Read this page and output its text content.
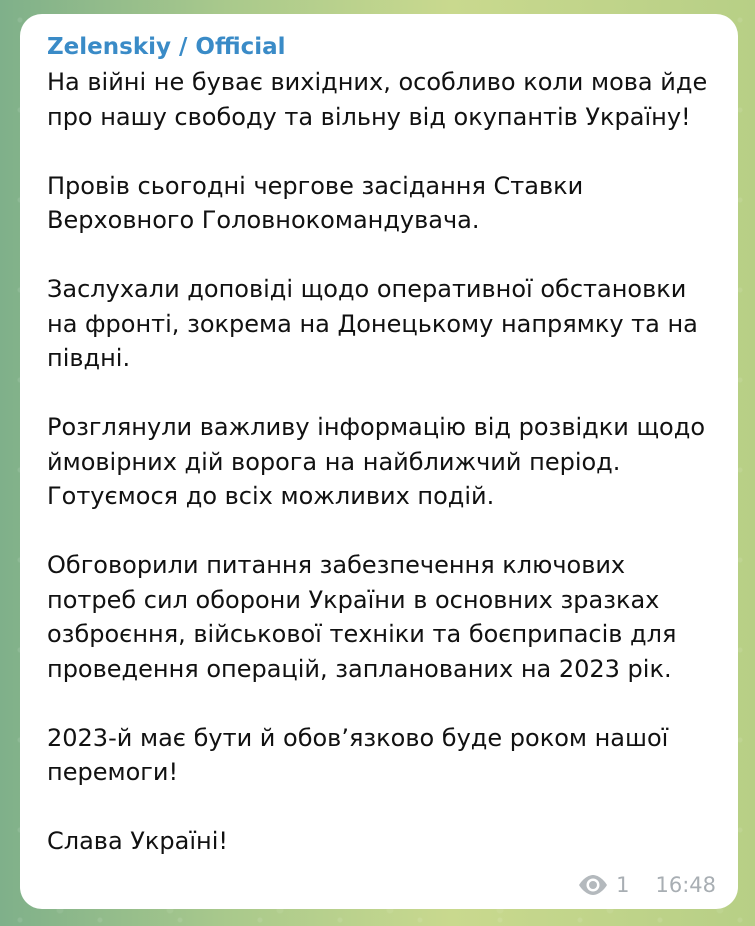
Zelenskiy / Official

На війні не буває вихідних, особливо коли мова йде
про нашу свободу та вільну від окупантів Україну!

Провів сьогодні чергове засідання Ставки
Верховного Головнокомандувача.

Заслухали доповіді щодо оперативної обстановки
на фронті, зокрема на Донецькому напрямку та на
півдні.

Розглянули важливу інформацію від розвідки щодо
ймовірних дій ворога на найближчий період.
Готуємося до всіх можливих подій.

Обговорили питання забезпечення ключових
потреб сил оборони України в основних зразках
озброєння, військової техніки та боєприпасів для
проведення операцій, запланованих на 2023 рік.

2023-й має бути й обов’язково буде роком нашої
перемоги!

Слава Україні!

1 16:48
